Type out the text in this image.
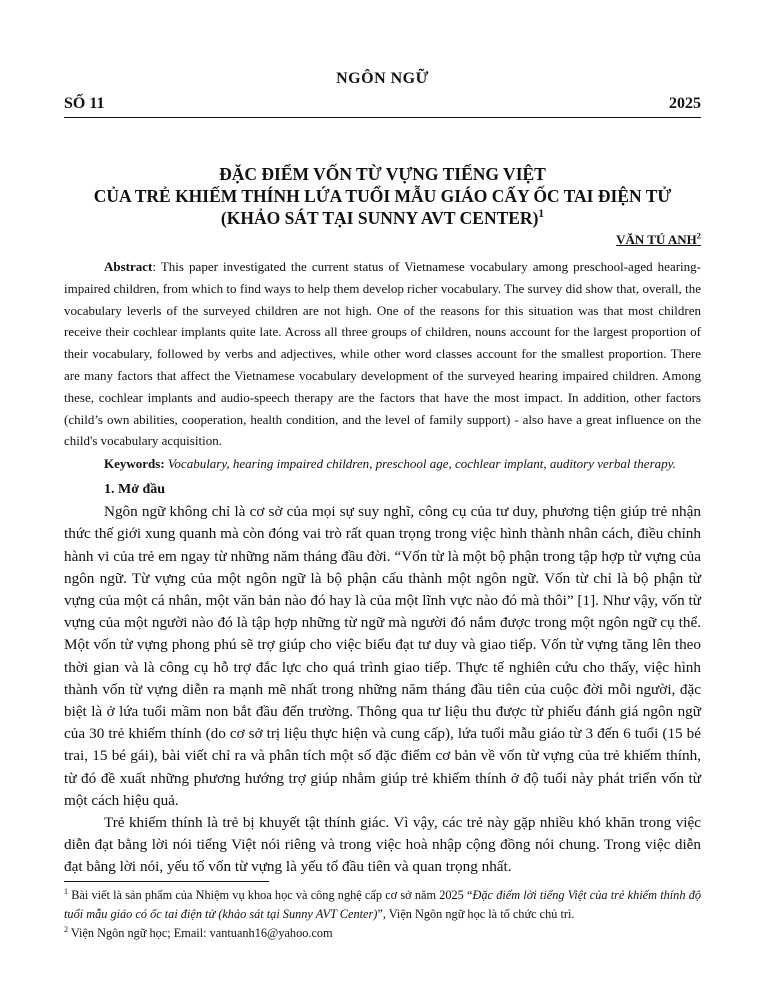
NGÔN NGỮ
SỐ 11	2025
ĐẶC ĐIỂM VỐN TỪ VỰNG TIẾNG VIỆT
CỦA TRẺ KHIẾM THÍNH LỨA TUỔI MẪU GIÁO CẤY ỐC TAI ĐIỆN TỬ
(KHẢO SÁT TẠI SUNNY AVT CENTER)$^1$
VĂN TÚ ANH$^2$
Abstract: This paper investigated the current status of Vietnamese vocabulary among preschool-aged hearing-impaired children, from which to find ways to help them develop richer vocabulary. The survey did show that, overall, the vocabulary leverls of the surveyed children are not high. One of the reasons for this situation was that most children receive their cochlear implants quite late. Across all three groups of children, nouns account for the largest proportion of their vocabulary, followed by verbs and adjectives, while other word classes account for the smallest proportion. There are many factors that affect the Vietnamese vocabulary development of the surveyed hearing impaired children. Among these, cochlear implants and audio-speech therapy are the factors that have the most impact. In addition, other factors (child’s own abilities, cooperation, health condition, and the level of family support) - also have a great influence on the child's vocabulary acquisition.
Keywords: Vocabulary, hearing impaired children, preschool age, cochlear implant, auditory verbal therapy.
1. Mở đầu

Ngôn ngữ không chỉ là cơ sở của mọi sự suy nghĩ, công cụ của tư duy, phương tiện giúp trẻ nhận thức thế giới xung quanh mà còn đóng vai trò rất quan trọng trong việc hình thành nhân cách, điều chỉnh hành vi của trẻ em ngay từ những năm tháng đầu đời. “Vốn từ là một bộ phận trong tập hợp từ vựng của ngôn ngữ. Từ vựng của một ngôn ngữ là bộ phận cấu thành một ngôn ngữ. Vốn từ chỉ là bộ phận từ vựng của một cá nhân, một văn bản nào đó hay là của một lĩnh vực nào đó mà thôi” [1]. Như vậy, vốn từ vựng của một người nào đó là tập hợp những từ ngữ mà người đó nắm được trong một ngôn ngữ cụ thể. Một vốn từ vựng phong phú sẽ trợ giúp cho việc biểu đạt tư duy và giao tiếp. Vốn từ vựng tăng lên theo thời gian và là công cụ hỗ trợ đắc lực cho quá trình giao tiếp. Thực tế nghiên cứu cho thấy, việc hình thành vốn từ vựng diễn ra mạnh mẽ nhất trong những năm tháng đầu tiên của cuộc đời mỗi người, đặc biệt là ở lứa tuổi mầm non bắt đầu đến trường. Thông qua tư liệu thu được từ phiếu đánh giá ngôn ngữ của 30 trẻ khiếm thính (do cơ sở trị liệu thực hiện và cung cấp), lứa tuổi mẫu giáo từ 3 đến 6 tuổi (15 bé trai, 15 bé gái), bài viết chỉ ra và phân tích một số đặc điểm cơ bản về vốn từ vựng của trẻ khiếm thính, từ đó đề xuất những phương hướng trợ giúp nhằm giúp trẻ khiếm thính ở độ tuổi này phát triển vốn từ một cách hiệu quả.

Trẻ khiếm thính là trẻ bị khuyết tật thính giác. Vì vậy, các trẻ này gặp nhiều khó khăn trong việc diễn đạt bằng lời nói tiếng Việt nói riêng và trong việc hoà nhập cộng đồng nói chung. Trong việc diễn đạt bằng lời nói, yếu tố vốn từ vựng là yếu tố đầu tiên và quan trọng nhất.

$^1$ Bài viết là sản phẩm của Nhiệm vụ khoa học và công nghệ cấp cơ sở năm 2025 “Đặc điểm lời tiếng Việt của trẻ khiếm thính độ tuổi mẫu giáo có ốc tai điện tử (khảo sát tại Sunny AVT Center)”, Viện Ngôn ngữ học là tổ chức chủ trì.
$^2$ Viện Ngôn ngữ học; Email: vantuanh16@yahoo.com
